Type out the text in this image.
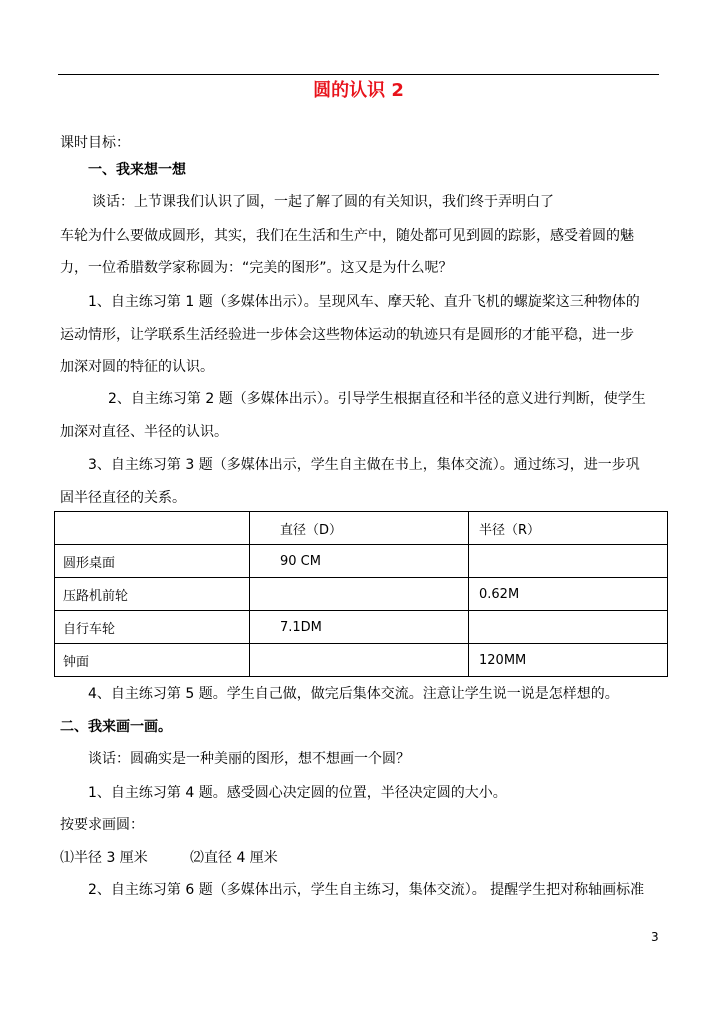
圆的认识 2
课时目标：
一、我来想一想
谈话：上节课我们认识了圆，一起了解了圆的有关知识，我们终于弄明白了
车轮为什么要做成圆形，其实，我们在生活和生产中，随处都可见到圆的踪影，感受着圆的魅
力，一位希腊数学家称圆为：“完美的图形”。这又是为什么呢？
1、自主练习第 1 题（多媒体出示）。呈现风车、摩天轮、直升飞机的螺旋桨这三种物体的
运动情形，让学联系生活经验进一步体会这些物体运动的轨迹只有是圆形的才能平稳，进一步
加深对圆的特征的认识。
2、自主练习第 2 题（多媒体出示）。引导学生根据直径和半径的意义进行判断，使学生
加深对直径、半径的认识。
3、自主练习第 3 题（多媒体出示，学生自主做在书上，集体交流）。通过练习，进一步巩
固半径直径的关系。
	直径（D）	半径（R）
圆形桌面	90 CM	
压路机前轮		0.62M
自行车轮	7.1DM	
钟面		120MM
4、自主练习第 5 题。学生自己做，做完后集体交流。注意让学生说一说是怎样想的。
二、我来画一画。
谈话：圆确实是一种美丽的图形，想不想画一个圆？
1、自主练习第 4 题。感受圆心决定圆的位置，半径决定圆的大小。
按要求画圆：
⑴半径 3 厘米	⑵直径 4 厘米
2、自主练习第 6 题（多媒体出示，学生自主练习，集体交流）。 提醒学生把对称轴画标准
3
